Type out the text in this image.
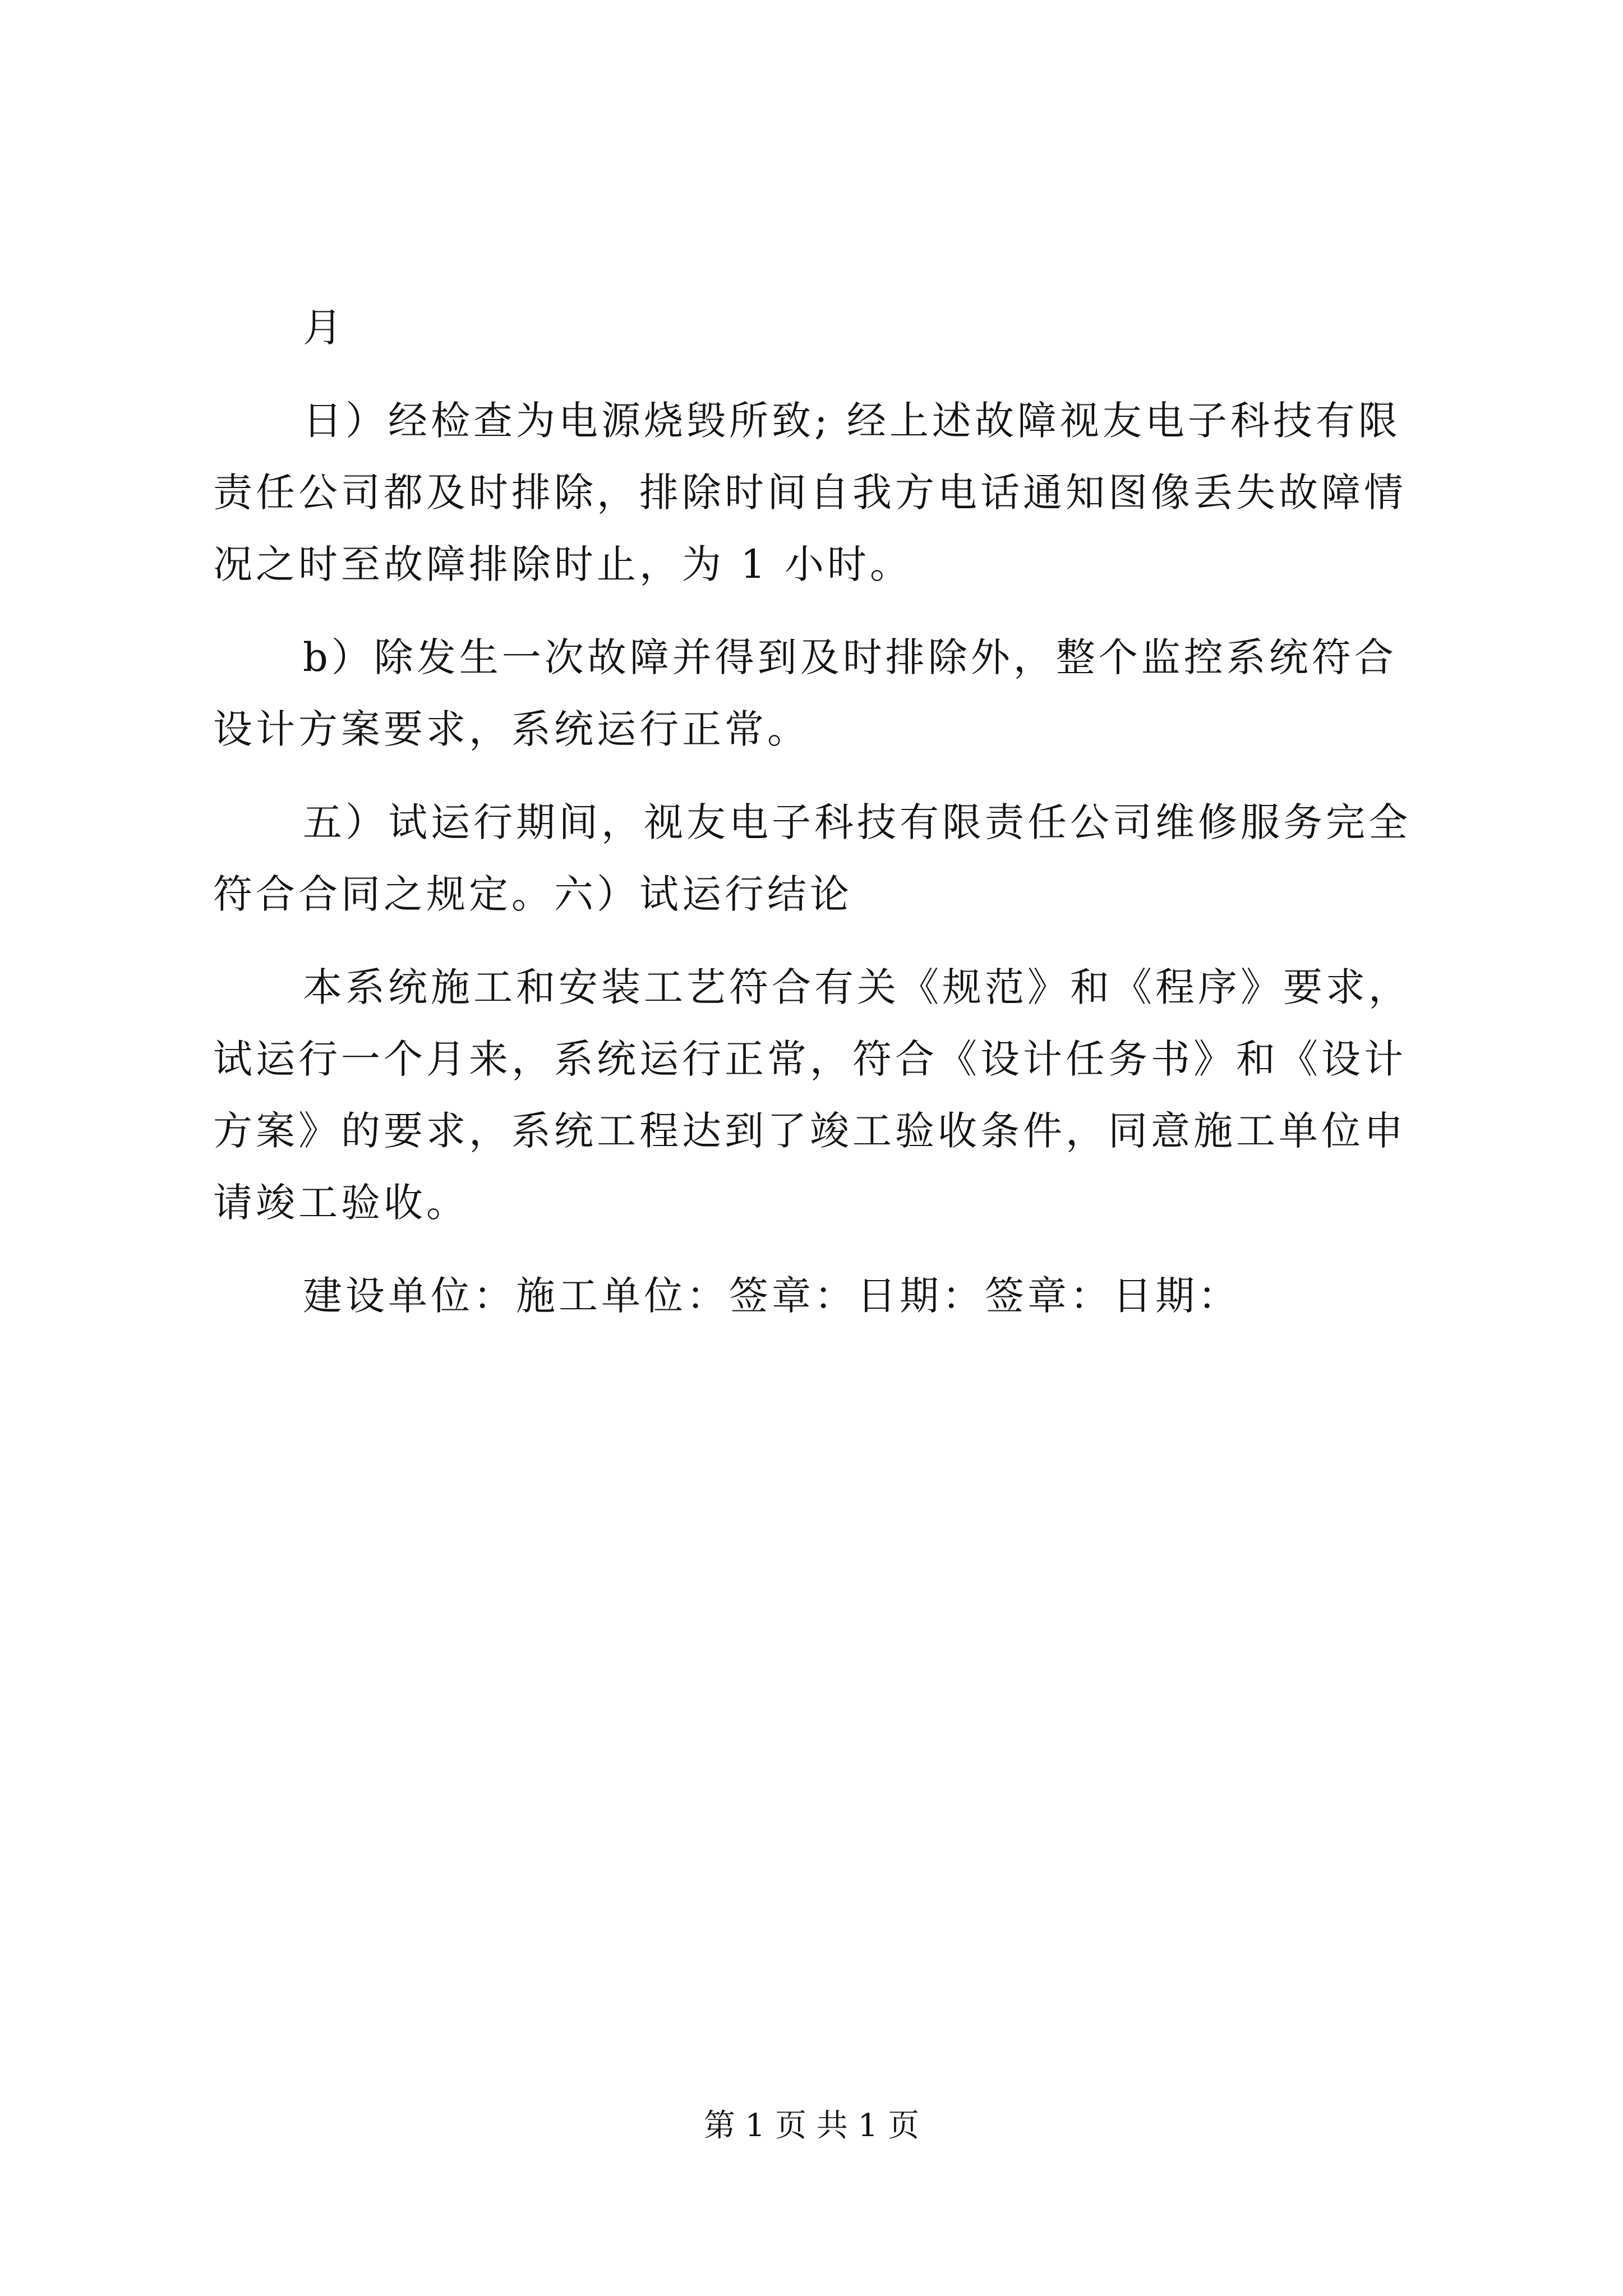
月
日）经检查为电源烧毁所致; 经上述故障视友电子科技有限
责任公司都及时排除，排除时间自我方电话通知图像丢失故障情
况之时至故障排除时止，为 1 小时。
b）除发生一次故障并得到及时排除外，整个监控系统符合
设计方案要求，系统运行正常。
五）试运行期间，视友电子科技有限责任公司维修服务完全
符合合同之规定。六）试运行结论
本系统施工和安装工艺符合有关《规范》和《程序》要求，
试运行一个月来，系统运行正常，符合《设计任务书》和《设计
方案》的要求，系统工程达到了竣工验收条件，同意施工单位申
请竣工验收。
建设单位：施工单位：签章：日期：签章：日期：
第 1 页 共 1 页
